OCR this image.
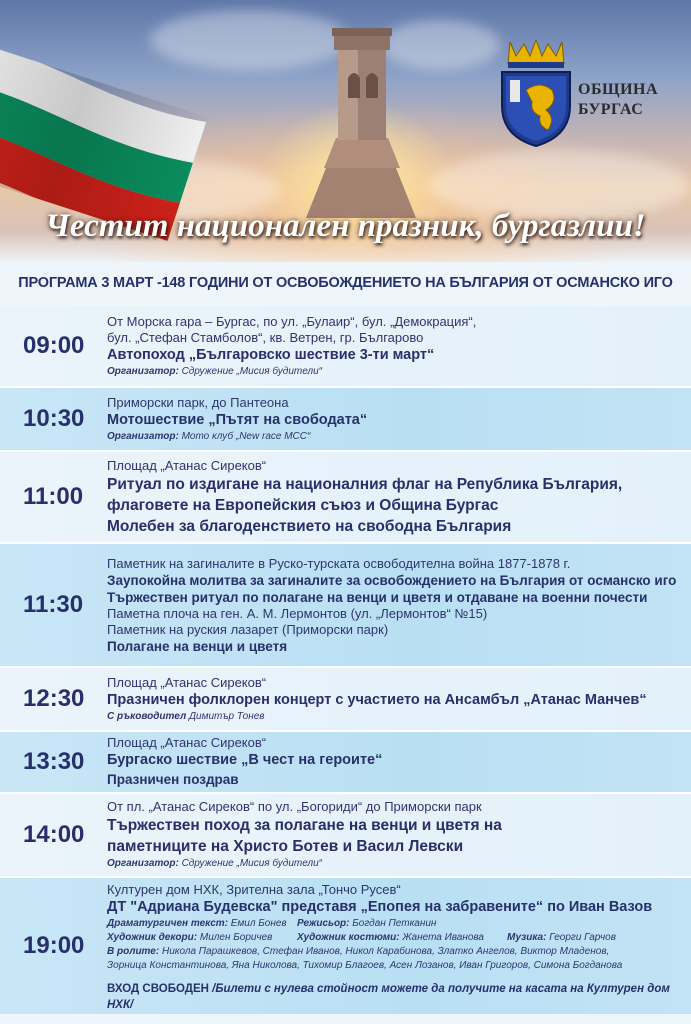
ОБЩИНА
БУРГАС
Честит национален празник, бургазлии!
ПРОГРАМА 3 МАРТ -148 ГОДИНИ ОТ ОСВОБОЖДЕНИЕТО НА БЪЛГАРИЯ ОТ ОСМАНСКО ИГО
09:00
От Морска гара – Бургас, по ул. „Булаир“, бул. „Демокрация“,
бул. „Стефан Стамболов“, кв. Ветрен, гр. Българово
Автопоход „Българовско шествие 3-ти март“
Организатор: Сдружение „Мисия будители“
10:30
Приморски парк, до Пантеона
Мотошествие „Пътят на свободата“
Организатор: Мото клуб „New race MCC“
11:00
Площад „Атанас Сиреков“
Ритуал по издигане на националния флаг на Република България,
флаговете на Европейския съюз и Община Бургас
Молебен за благоденствието на свободна България
11:30
Паметник на загиналите в Руско-турската освободителна война 1877-1878 г.
Заупокойна молитва за загиналите за освобождението на България от османско иго
Тържествен ритуал по полагане на венци и цветя и отдаване на военни почести
Паметна плоча на ген. А. М. Лермонтов (ул. „Лермонтов“ №15)
Паметник на руския лазарет (Приморски парк)
Полагане на венци и цветя
12:30
Площад „Атанас Сиреков“
Празничен фолклорен концерт с участието на Ансамбъл „Атанас Манчев“
С ръководител Димитър Тонев
13:30
Площад „Атанас Сиреков“
Бургаско шествие „В чест на героите“
Празничен поздрав
14:00
От пл. „Атанас Сиреков“ по ул. „Богориди“ до Приморски парк
Тържествен поход за полагане на венци и цветя на
паметниците на Христо Ботев и Васил Левски
Организатор: Сдружение „Мисия будители“
19:00
Културен дом НХК, Зрителна зала „Тончо Русев“
ДТ "Адриана Будевска" представя „Епопея на забравените“ по Иван Вазов
Драматургичен текст: Емил Бонев Режисьор: Богдан Петканин
Художник декори: Милен Боричев Художник костюми: Жанета Иванова Музика: Георги Гарчов
В ролите: Никола Парашкевов, Стефан Иванов, Никол Карабинова, Златко Ангелов, Виктор Младенов,
Зорница Константинова, Яна Николова, Тихомир Благоев, Асен Лозанов, Иван Григоров, Симона Богданова
ВХОД СВОБОДЕН /Билети с нулева стойност можете да получите на касата на Културен дом НХК/
